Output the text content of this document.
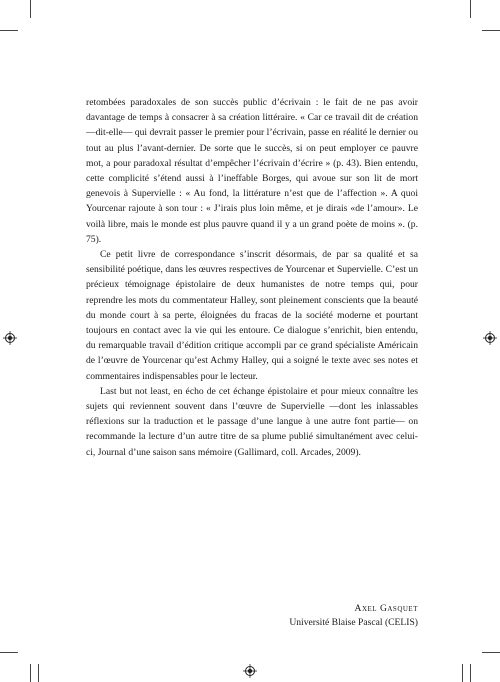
retombées paradoxales de son succès public d’écrivain : le fait de ne pas avoir davantage de temps à consacrer à sa création littéraire. « Car ce travail dit de création —dit-elle— qui devrait passer le premier pour l’écrivain, passe en réalité le dernier ou tout au plus l’avant-dernier. De sorte que le succès, si on peut employer ce pauvre mot, a pour paradoxal résultat d’empêcher l’écrivain d’écrire » (p. 43). Bien entendu, cette complicité s’étend aussi à l’ineffable Borges, qui avoue sur son lit de mort genevois à Supervielle : « Au fond, la littérature n’est que de l’affection ». A quoi Yourcenar rajoute à son tour : « J’irais plus loin même, et je dirais «de l’amour». Le voilà libre, mais le monde est plus pauvre quand il y a un grand poète de moins ». (p. 75).

Ce petit livre de correspondance s’inscrit désormais, de par sa qualité et sa sensibilité poétique, dans les œuvres respectives de Yourcenar et Supervielle. C’est un précieux témoignage épistolaire de deux humanistes de notre temps qui, pour reprendre les mots du commentateur Halley, sont pleinement conscients que la beauté du monde court à sa perte, éloignées du fracas de la société moderne et pourtant toujours en contact avec la vie qui les entoure. Ce dialogue s’enrichit, bien entendu, du remarquable travail d’édition critique accompli par ce grand spécialiste Américain de l’œuvre de Yourcenar qu’est Achmy Halley, qui a soigné le texte avec ses notes et commentaires indispensables pour le lecteur.

Last but not least, en écho de cet échange épistolaire et pour mieux connaître les sujets qui reviennent souvent dans l’œuvre de Supervielle —dont les inlassables réflexions sur la traduction et le passage d’une langue à une autre font partie— on recommande la lecture d’un autre titre de sa plume publié simultanément avec celui-ci, Journal d’une saison sans mémoire (Gallimard, coll. Arcades, 2009).

Axel Gasquet
Université Blaise Pascal (CELIS)
